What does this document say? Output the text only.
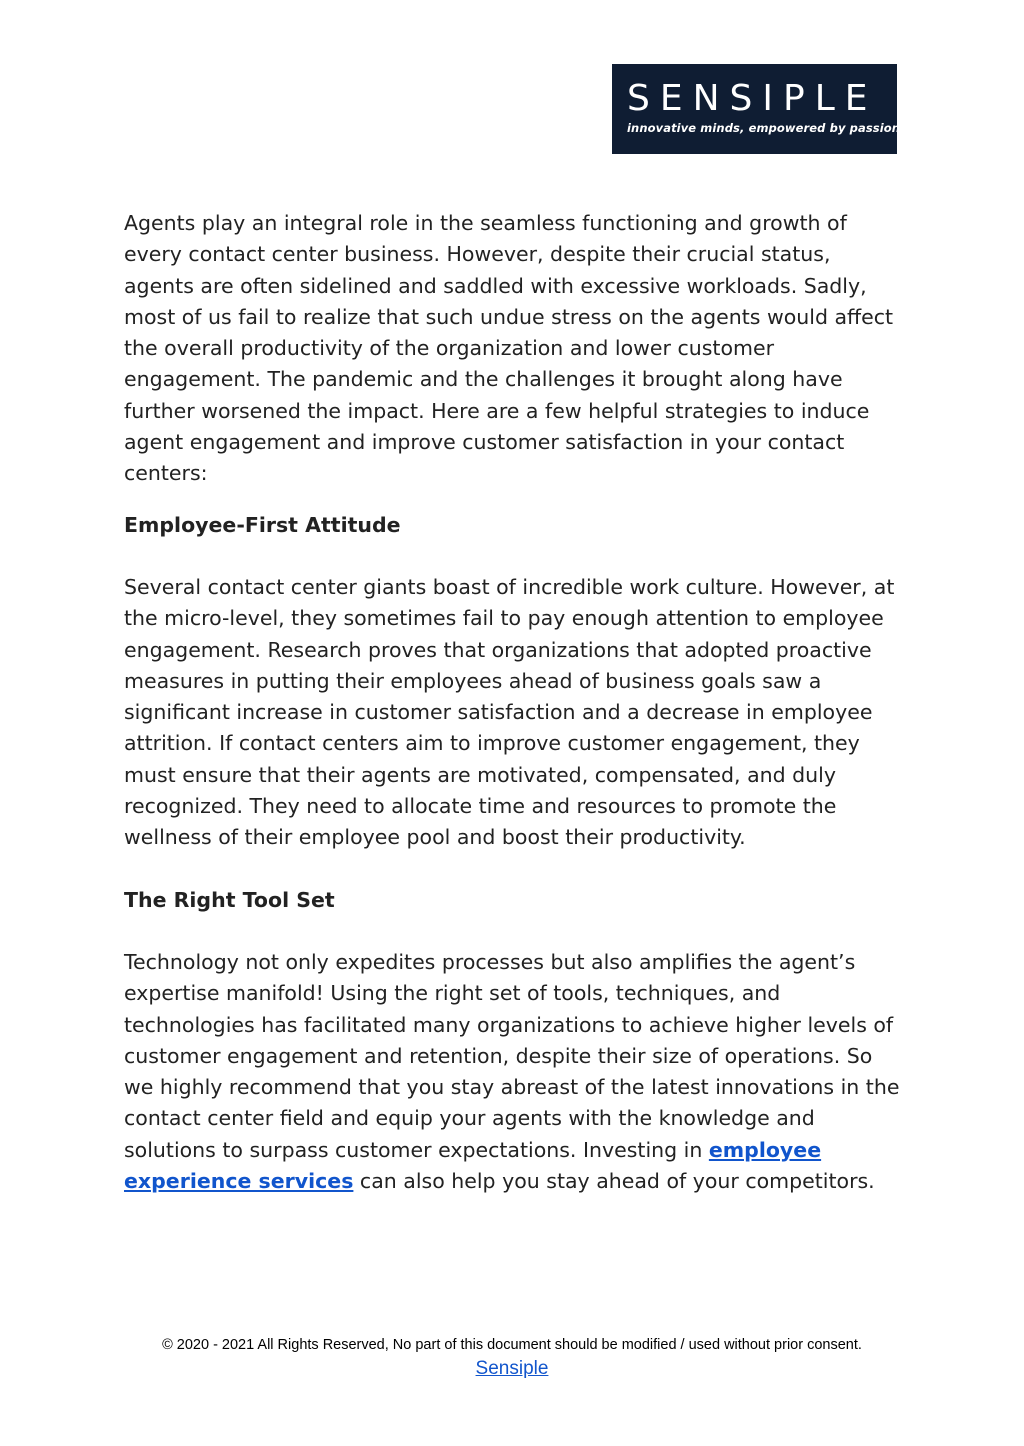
SENSIPLE
innovative minds, empowered by passion

Agents play an integral role in the seamless functioning and growth of every contact center business. However, despite their crucial status, agents are often sidelined and saddled with excessive workloads. Sadly, most of us fail to realize that such undue stress on the agents would affect the overall productivity of the organization and lower customer engagement. The pandemic and the challenges it brought along have further worsened the impact. Here are a few helpful strategies to induce agent engagement and improve customer satisfaction in your contact centers:

Employee-First Attitude

Several contact center giants boast of incredible work culture. However, at the micro-level, they sometimes fail to pay enough attention to employee engagement. Research proves that organizations that adopted proactive measures in putting their employees ahead of business goals saw a significant increase in customer satisfaction and a decrease in employee attrition. If contact centers aim to improve customer engagement, they must ensure that their agents are motivated, compensated, and duly recognized. They need to allocate time and resources to promote the wellness of their employee pool and boost their productivity.

The Right Tool Set

Technology not only expedites processes but also amplifies the agent’s expertise manifold! Using the right set of tools, techniques, and technologies has facilitated many organizations to achieve higher levels of customer engagement and retention, despite their size of operations. So we highly recommend that you stay abreast of the latest innovations in the contact center field and equip your agents with the knowledge and solutions to surpass customer expectations. Investing in employee experience services can also help you stay ahead of your competitors.

© 2020 - 2021 All Rights Reserved, No part of this document should be modified / used without prior consent.
Sensiple
